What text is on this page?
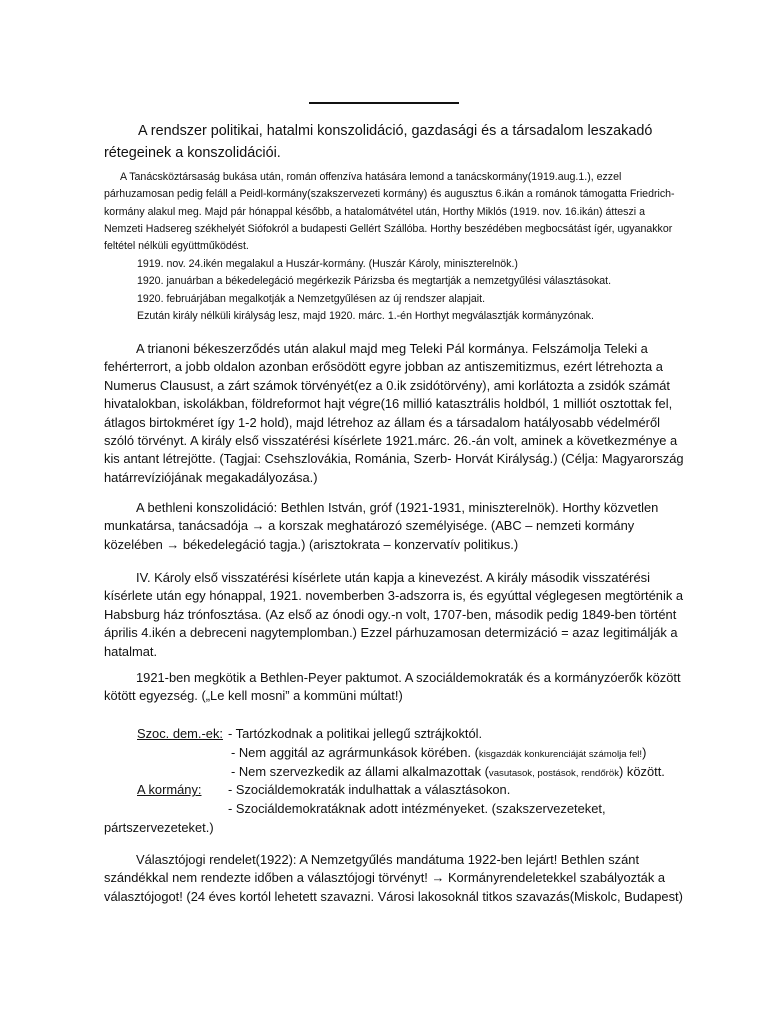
A rendszer politikai, hatalmi konszolidáció, gazdasági és a társadalom leszakadó rétegeinek a konszolidációi.

A Tanácsköztársaság bukása után, román offenzíva hatására lemond a tanácskormány(1919.aug.1.), ezzel párhuzamosan pedig feláll a Peidl-kormány(szakszervezeti kormány) és augusztus 6.ikán a románok támogatta Friedrich-kormány alakul meg. Majd pár hónappal később, a hatalomátvétel után, Horthy Miklós (1919. nov. 16.ikán) átteszi a Nemzeti Hadsereg székhelyét Siófokról a budapesti Gellért Szállóba. Horthy beszédében megbocsátást ígér, ugyanakkor feltétel nélküli együttműködést.

1919. nov. 24.ikén megalakul a Huszár-kormány. (Huszár Károly, miniszterelnök.)
1920. januárban a békedelegáció megérkezik Párizsba és megtartják a nemzetgyűlési választásokat.
1920. februárjában megalkotják a Nemzetgyűlésen az új rendszer alapjait.
Ezután király nélküli királyság lesz, majd 1920. márc. 1.-én Horthyt megválasztják kormányzónak.

A trianoni békeszerződés után alakul majd meg Teleki Pál kormánya. Felszámolja Teleki a fehérterrort, a jobb oldalon azonban erősödött egyre jobban az antiszemitizmus, ezért létrehozta a Numerus Clausust, a zárt számok törvényét(ez a 0.ik zsidótörvény), ami korlátozta a zsidók számát hivatalokban, iskolákban, földreformot hajt végre(16 millió katasztrális holdból, 1 milliót osztottak fel, átlagos birtokméret így 1-2 hold), majd létrehoz az állam és a társadalom hatályosabb védelméről szóló törvényt. A király első visszatérési kísérlete 1921.márc. 26.-án volt, aminek a következménye a kis antant létrejötte. (Tagjai: Csehszlovákia, Románia, Szerb- Horvát Királyság.) (Célja: Magyarország határrevíziójának megakadályozása.)

A bethleni konszolidáció: Bethlen István, gróf (1921-1931, miniszterelnök). Horthy közvetlen munkatársa, tanácsadója → a korszak meghatározó személyisége. (ABC – nemzeti kormány közelében → békedelegáció tagja.) (arisztokrata – konzervatív politikus.)

IV. Károly első visszatérési kísérlete után kapja a kinevezést. A király második visszatérési kísérlete után egy hónappal, 1921. novemberben 3-adszorra is, és egyúttal véglegesen megtörténik a Habsburg ház trónfosztása. (Az első az ónodi ogy.-n volt, 1707-ben, második pedig 1849-ben történt április 4.ikén a debreceni nagytemplomban.) Ezzel párhuzamosan determizáció = azaz legitimálják a hatalmat.

1921-ben megkötik a Bethlen-Peyer paktumot. A szociáldemokraták és a kormányzóerők között kötött egyezség. („Le kell mosni” a kommüni múltat!)

Szoc. dem.-ek: - Tartózkodnak a politikai jellegű sztrájkoktól.
- Nem aggitál az agrármunkások körében. (kisgazdák konkurenciáját számolja fel!)
- Nem szervezkedik az állami alkalmazottak (vasutasok, postások, rendőrök) között.
A kormány: - Szociáldemokraták indulhattak a választásokon.
- Szociáldemokratáknak adott intézményeket. (szakszervezeteket,
pártszervezeteket.)

Választójogi rendelet(1922): A Nemzetgyűlés mandátuma 1922-ben lejárt! Bethlen szánt szándékkal nem rendezte időben a választójogi törvényt! → Kormányrendeletekkel szabályozták a választójogot! (24 éves kortól lehetett szavazni. Városi lakosoknál titkos szavazás(Miskolc, Budapest)
